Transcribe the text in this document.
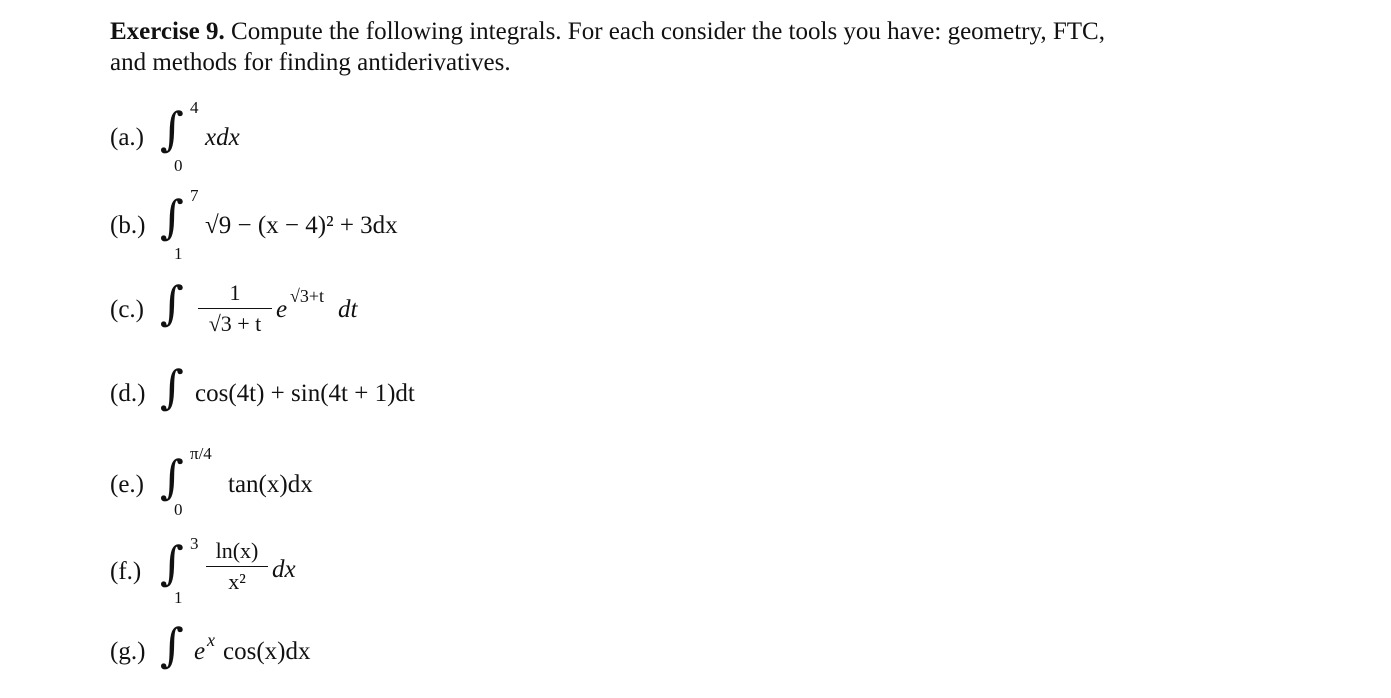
Exercise 9. Compute the following integrals. For each consider the tools you have: geometry, FTC,
and methods for finding antiderivatives.
(a.) ∫ 4
0
xdx
(b.) ∫ 7
1
√9 − (x − 4)² + 3dx
(c.) ∫	1
√3 + t
e √3+t dt
(d.) ∫ cos(4t) + sin(4t + 1)dt
(e.) ∫ π/4
0
tan(x)dx
(f.) ∫ 3
1
ln(x)
x²	dx
(g.) ∫ e x cos(x)dx
